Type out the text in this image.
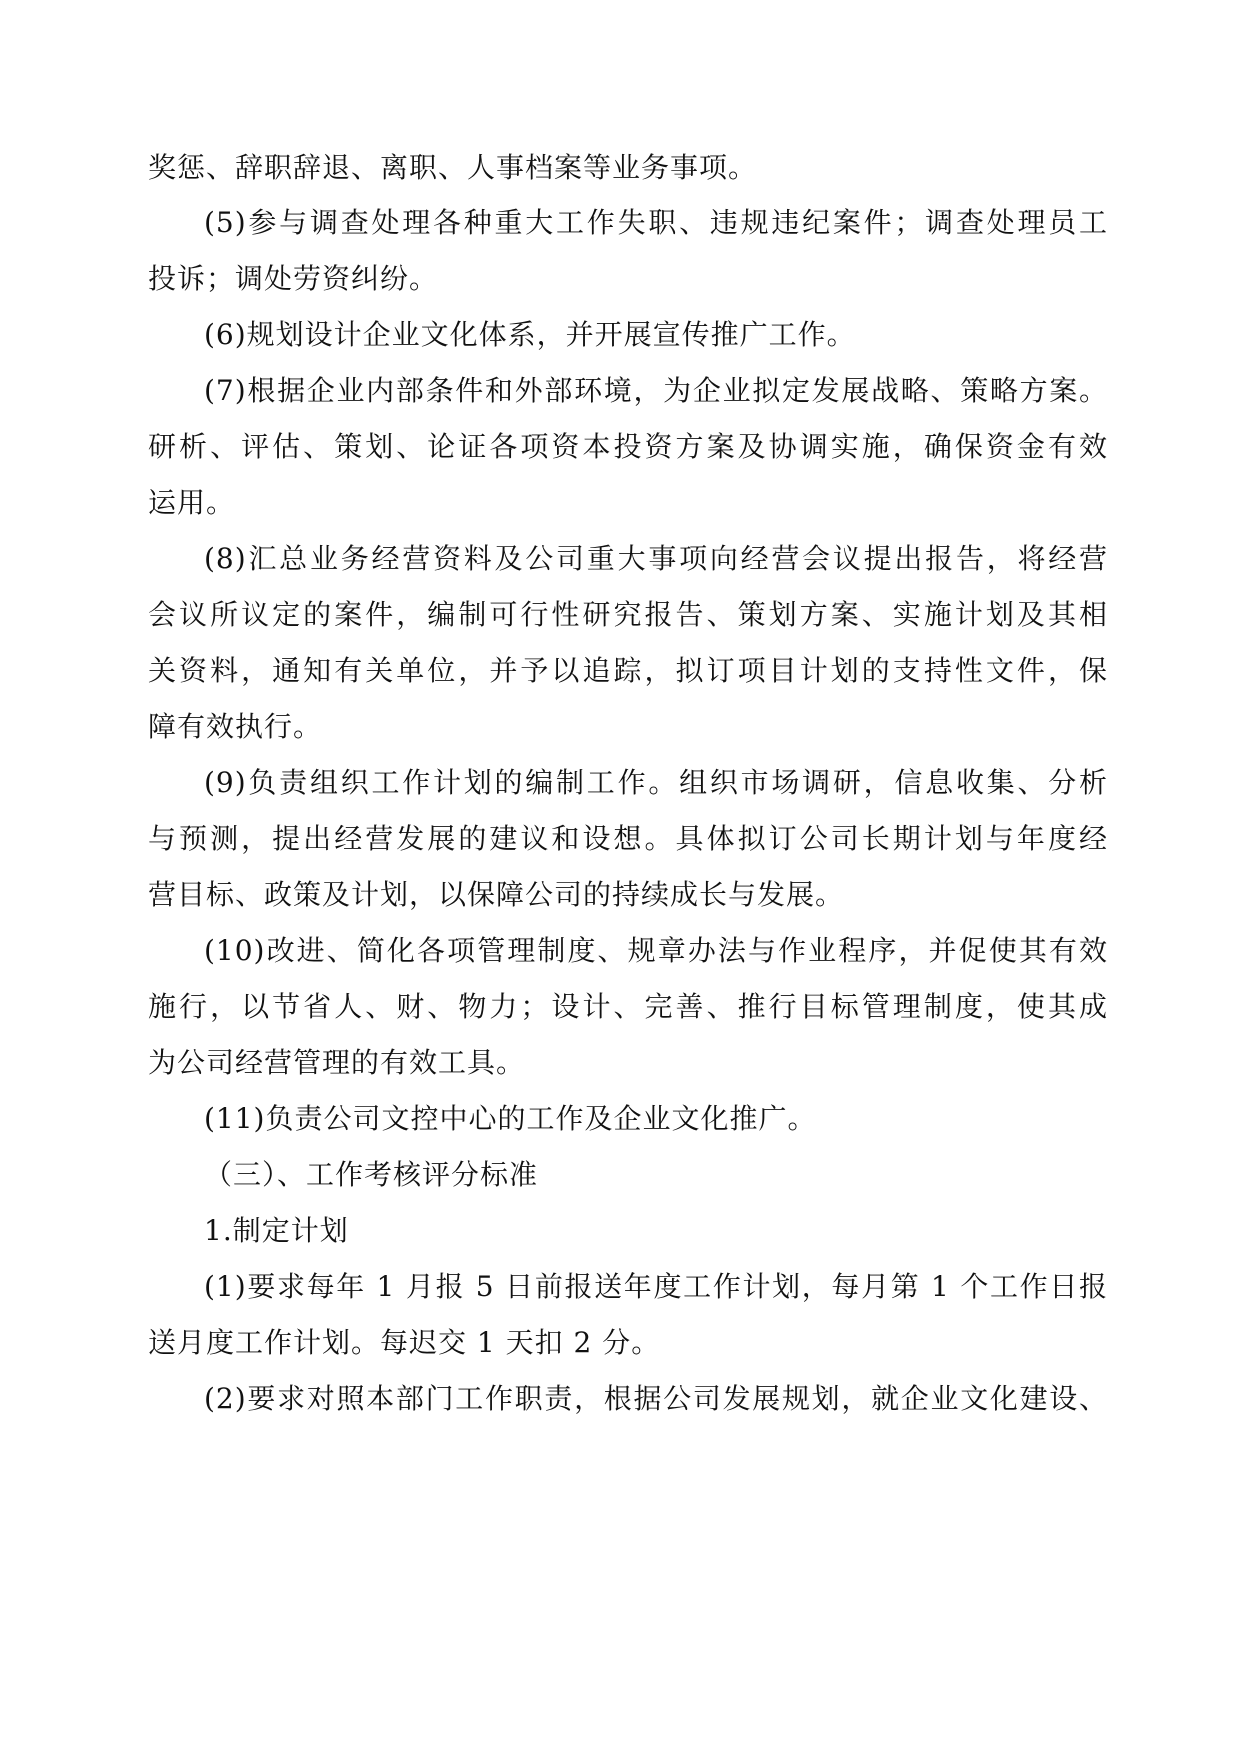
奖惩、辞职辞退、离职、人事档案等业务事项。
(5)参与调查处理各种重大工作失职、违规违纪案件；调查处理员工
投诉；调处劳资纠纷。
(6)规划设计企业文化体系，并开展宣传推广工作。
(7)根据企业内部条件和外部环境，为企业拟定发展战略、策略方案。
研析、评估、策划、论证各项资本投资方案及协调实施，确保资金有效
运用。
(8)汇总业务经营资料及公司重大事项向经营会议提出报告，将经营
会议所议定的案件，编制可行性研究报告、策划方案、实施计划及其相
关资料，通知有关单位，并予以追踪，拟订项目计划的支持性文件，保
障有效执行。
(9)负责组织工作计划的编制工作。组织市场调研，信息收集、分析
与预测，提出经营发展的建议和设想。具体拟订公司长期计划与年度经
营目标、政策及计划，以保障公司的持续成长与发展。
(10)改进、简化各项管理制度、规章办法与作业程序，并促使其有效
施行，以节省人、财、物力；设计、完善、推行目标管理制度，使其成
为公司经营管理的有效工具。
(11)负责公司文控中心的工作及企业文化推广。
（三）、工作考核评分标准
1.制定计划
(1)要求每年 1 月报 5 日前报送年度工作计划，每月第 1 个工作日报
送月度工作计划。每迟交 1 天扣 2 分。
(2)要求对照本部门工作职责，根据公司发展规划，就企业文化建设、
